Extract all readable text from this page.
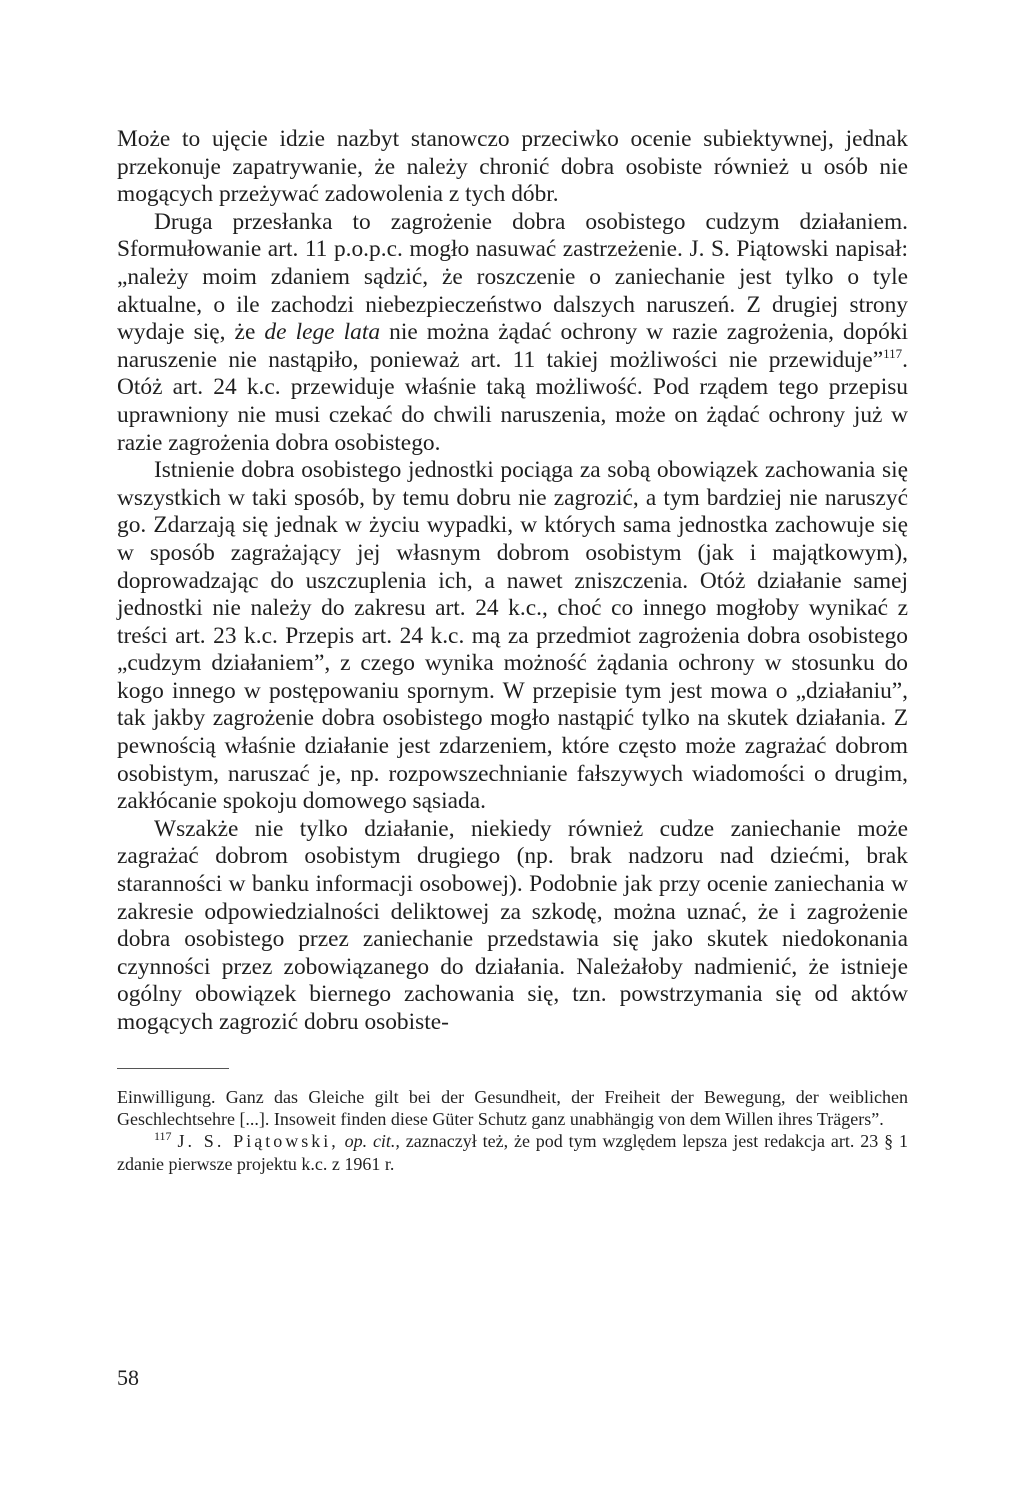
Może to ujęcie idzie nazbyt stanowczo przeciwko ocenie subiektywnej, jednak przekonuje zapatrywanie, że należy chronić dobra osobiste również u osób nie mogących przeżywać zadowolenia z tych dóbr.

Druga przesłanka to zagrożenie dobra osobistego cudzym działaniem. Sformułowanie art. 11 p.o.p.c. mogło nasuwać zastrzeżenie. J. S. Piątowski napisał: „należy moim zdaniem sądzić, że roszczenie o zaniechanie jest tylko o tyle aktualne, o ile zachodzi niebezpieczeństwo dalszych naruszeń. Z drugiej strony wydaje się, że de lege lata nie można żądać ochrony w razie zagrożenia, dopóki naruszenie nie nastąpiło, ponieważ art. 11 takiej możliwości nie przewiduje”$^{117}$. Otóż art. 24 k.c. przewiduje właśnie taką możliwość. Pod rządem tego przepisu uprawniony nie musi czekać do chwili naruszenia, może on żądać ochrony już w razie zagrożenia dobra osobistego.

Istnienie dobra osobistego jednostki pociąga za sobą obowiązek zachowania się wszystkich w taki sposób, by temu dobru nie zagrozić, a tym bardziej nie naruszyć go. Zdarzają się jednak w życiu wypadki, w których sama jednostka zachowuje się w sposób zagrażający jej własnym dobrom osobistym (jak i majątkowym), doprowadzając do uszczuplenia ich, a nawet zniszczenia. Otóż działanie samej jednostki nie należy do zakresu art. 24 k.c., choć co innego mogłoby wynikać z treści art. 23 k.c. Przepis art. 24 k.c. mą za przedmiot zagrożenia dobra osobistego „cudzym działaniem”, z czego wynika możność żądania ochrony w stosunku do kogo innego w postępowaniu spornym. W przepisie tym jest mowa o „działaniu”, tak jakby zagrożenie dobra osobistego mogło nastąpić tylko na skutek działania. Z pewnością właśnie działanie jest zdarzeniem, które często może zagrażać dobrom osobistym, naruszać je, np. rozpowszechnianie fałszywych wiadomości o drugim, zakłócanie spokoju domowego sąsiada.

Wszakże nie tylko działanie, niekiedy również cudze zaniechanie może zagrażać dobrom osobistym drugiego (np. brak nadzoru nad dziećmi, brak staranności w banku informacji osobowej). Podobnie jak przy ocenie zaniechania w zakresie odpowiedzialności deliktowej za szkodę, można uznać, że i zagrożenie dobra osobistego przez zaniechanie przedstawia się jako skutek niedokonania czynności przez zobowiązanego do działania. Należałoby nadmienić, że istnieje ogólny obowiązek biernego zachowania się, tzn. powstrzymania się od aktów mogących zagrozić dobru osobiste-

Einwilligung. Ganz das Gleiche gilt bei der Gesundheit, der Freiheit der Bewegung, der weiblichen Geschlechtsehre [...]. Insoweit finden diese Güter Schutz ganz unabhängig von dem Willen ihres Trägers”.

$^{117}$ J. S. Piątowski, op. cit., zaznaczył też, że pod tym względem lepsza jest redakcja art. 23 § 1 zdanie pierwsze projektu k.c. z 1961 r.

58
